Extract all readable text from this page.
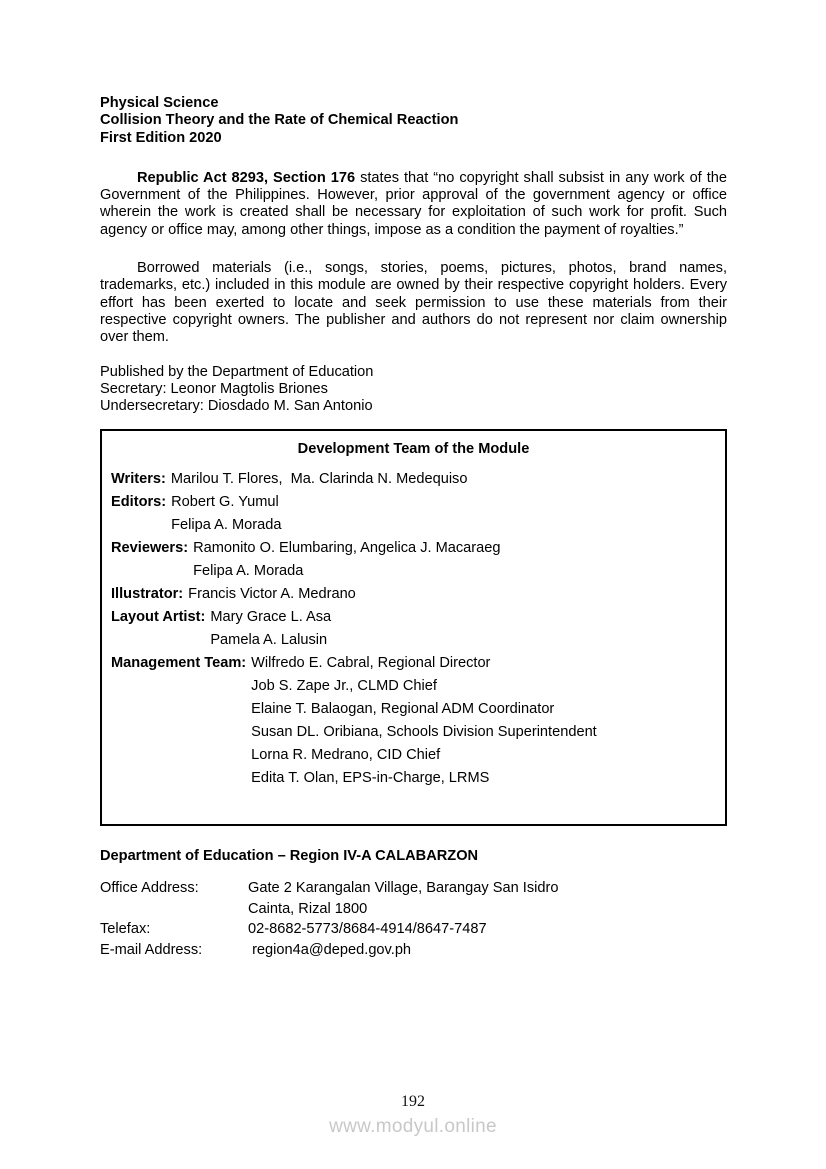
Physical Science
Collision Theory and the Rate of Chemical Reaction
First Edition 2020

Republic Act 8293, Section 176 states that “no copyright shall subsist in any work of the Government of the Philippines. However, prior approval of the government agency or office wherein the work is created shall be necessary for exploitation of such work for profit. Such agency or office may, among other things, impose as a condition the payment of royalties.”

Borrowed materials (i.e., songs, stories, poems, pictures, photos, brand names, trademarks, etc.) included in this module are owned by their respective copyright holders. Every effort has been exerted to locate and seek permission to use these materials from their respective copyright owners. The publisher and authors do not represent nor claim ownership over them.

Published by the Department of Education
Secretary: Leonor Magtolis Briones
Undersecretary: Diosdado M. San Antonio
Development Team of the Module
Writers: Marilou T. Flores,  Ma. Clarinda N. Medequiso
Editors: Robert G. Yumul
Felipa A. Morada
Reviewers: Ramonito O. Elumbaring, Angelica J. Macaraeg
Felipa A. Morada
Illustrator: Francis Victor A. Medrano
Layout Artist: Mary Grace L. Asa
Pamela A. Lalusin
Management Team: Wilfredo E. Cabral, Regional Director
Job S. Zape Jr., CLMD Chief
Elaine T. Balaogan, Regional ADM Coordinator
Susan DL. Oribiana, Schools Division Superintendent
Lorna R. Medrano, CID Chief
Edita T. Olan, EPS-in-Charge, LRMS
Department of Education – Region IV-A CALABARZON
Office Address:	Gate 2 Karangalan Village, Barangay San Isidro
Cainta, Rizal 1800
Telefax:	02-8682-5773/8684-4914/8647-7487
E-mail Address:	region4a@deped.gov.ph
192
www.modyul.online
